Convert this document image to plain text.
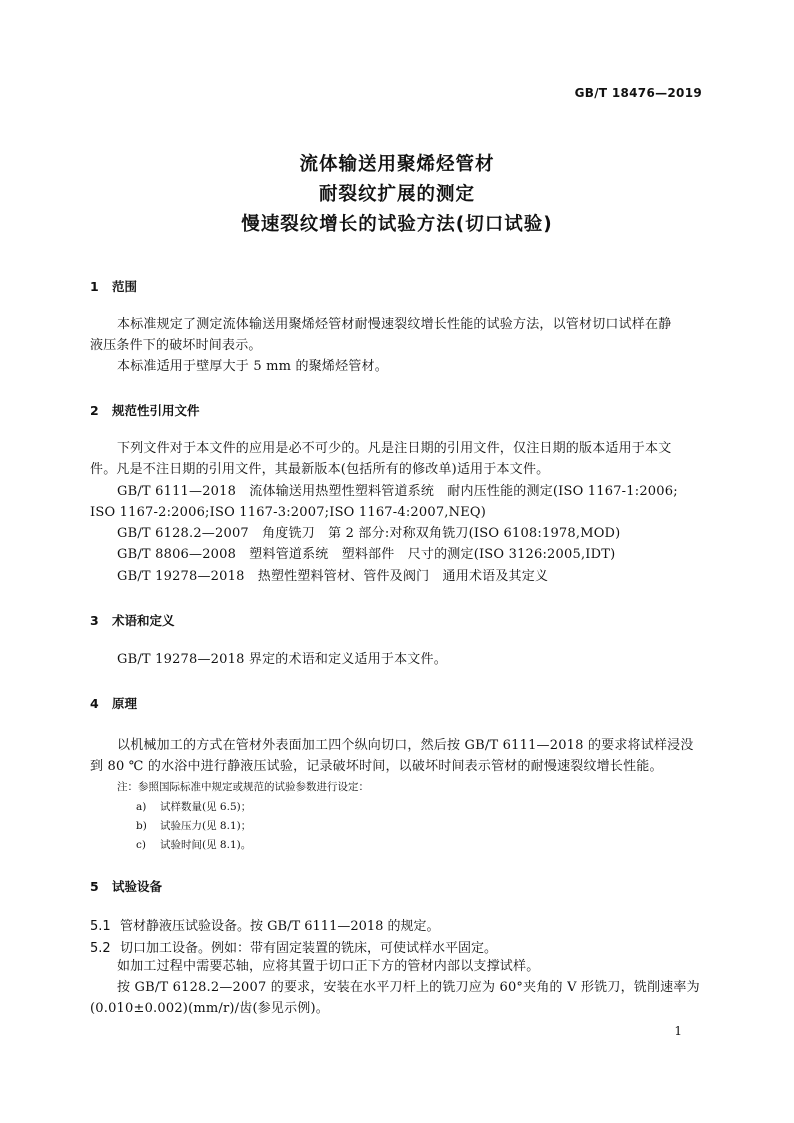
GB/T 18476—2019
流体输送用聚烯烃管材
耐裂纹扩展的测定
慢速裂纹增长的试验方法(切口试验)
1 范围
本标准规定了测定流体输送用聚烯烃管材耐慢速裂纹增长性能的试验方法，以管材切口试样在静
液压条件下的破坏时间表示。
本标准适用于壁厚大于 5 mm 的聚烯烃管材。
2 规范性引用文件
下列文件对于本文件的应用是必不可少的。凡是注日期的引用文件，仅注日期的版本适用于本文
件。凡是不注日期的引用文件，其最新版本(包括所有的修改单)适用于本文件。
GB/T 6111—2018　流体输送用热塑性塑料管道系统　耐内压性能的测定(ISO 1167-1:2006;
ISO 1167-2:2006;ISO 1167-3:2007;ISO 1167-4:2007,NEQ)
GB/T 6128.2—2007　角度铣刀　第 2 部分:对称双角铣刀(ISO 6108:1978,MOD)
GB/T 8806—2008　塑料管道系统　塑料部件　尺寸的测定(ISO 3126:2005,IDT)
GB/T 19278—2018　热塑性塑料管材、管件及阀门　通用术语及其定义
3 术语和定义
GB/T 19278—2018 界定的术语和定义适用于本文件。
4 原理
以机械加工的方式在管材外表面加工四个纵向切口，然后按 GB/T 6111—2018 的要求将试样浸没
到 80 ℃ 的水浴中进行静液压试验，记录破坏时间，以破坏时间表示管材的耐慢速裂纹增长性能。
注：参照国际标准中规定或规范的试验参数进行设定：
a) 试样数量(见 6.5)；
b) 试验压力(见 8.1)；
c) 试验时间(见 8.1)。
5 试验设备
5.1 管材静液压试验设备。按 GB/T 6111—2018 的规定。
5.2 切口加工设备。例如：带有固定装置的铣床，可使试样水平固定。
如加工过程中需要芯轴，应将其置于切口正下方的管材内部以支撑试样。
按 GB/T 6128.2—2007 的要求，安装在水平刀杆上的铣刀应为 60°夹角的 V 形铣刀，铣削速率为
(0.010±0.002)(mm/r)/齿(参见示例)。
1
